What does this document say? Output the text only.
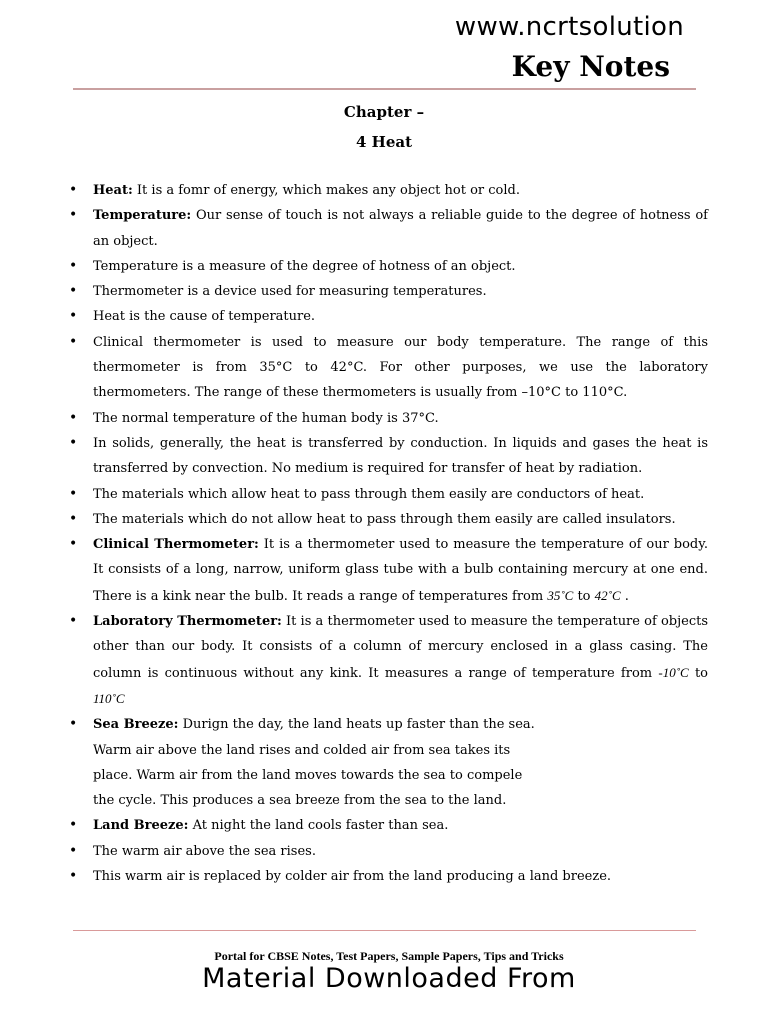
www.ncrtsolution
Key Notes
Chapter –
4 Heat
• Heat: It is a fomr of energy, which makes any object hot or cold.
• Temperature: Our sense of touch is not always a reliable guide to the degree of hotness of an object.
• Temperature is a measure of the degree of hotness of an object.
• Thermometer is a device used for measuring temperatures.
• Heat is the cause of temperature.
• Clinical thermometer is used to measure our body temperature. The range of this thermometer is from 35°C to 42°C. For other purposes, we use the laboratory thermometers. The range of these thermometers is usually from –10°C to 110°C.
• The normal temperature of the human body is 37°C.
• In solids, generally, the heat is transferred by conduction. In liquids and gases the heat is transferred by convection. No medium is required for transfer of heat by radiation.
• The materials which allow heat to pass through them easily are conductors of heat.
• The materials which do not allow heat to pass through them easily are called insulators.
• Clinical Thermometer: It is a thermometer used to measure the temperature of our body. It consists of a long, narrow, uniform glass tube with a bulb containing mercury at one end. There is a kink near the bulb. It reads a range of temperatures from 35˚C to 42˚C .
• Laboratory Thermometer: It is a thermometer used to measure the temperature of objects other than our body. It consists of a column of mercury enclosed in a glass casing. The column is continuous without any kink. It measures a range of temperature from -10˚C to 110˚C
• Sea Breeze: Durign the day, the land heats up faster than the sea.
Warm air above the land rises and colded air from sea takes its
place. Warm air from the land moves towards the sea to compele
the cycle. This produces a sea breeze from the sea to the land.
• Land Breeze: At night the land cools faster than sea.
• The warm air above the sea rises.
• This warm air is replaced by colder air from the land producing a land breeze.
Portal for CBSE Notes, Test Papers, Sample Papers, Tips and Tricks
Material Downloaded From
